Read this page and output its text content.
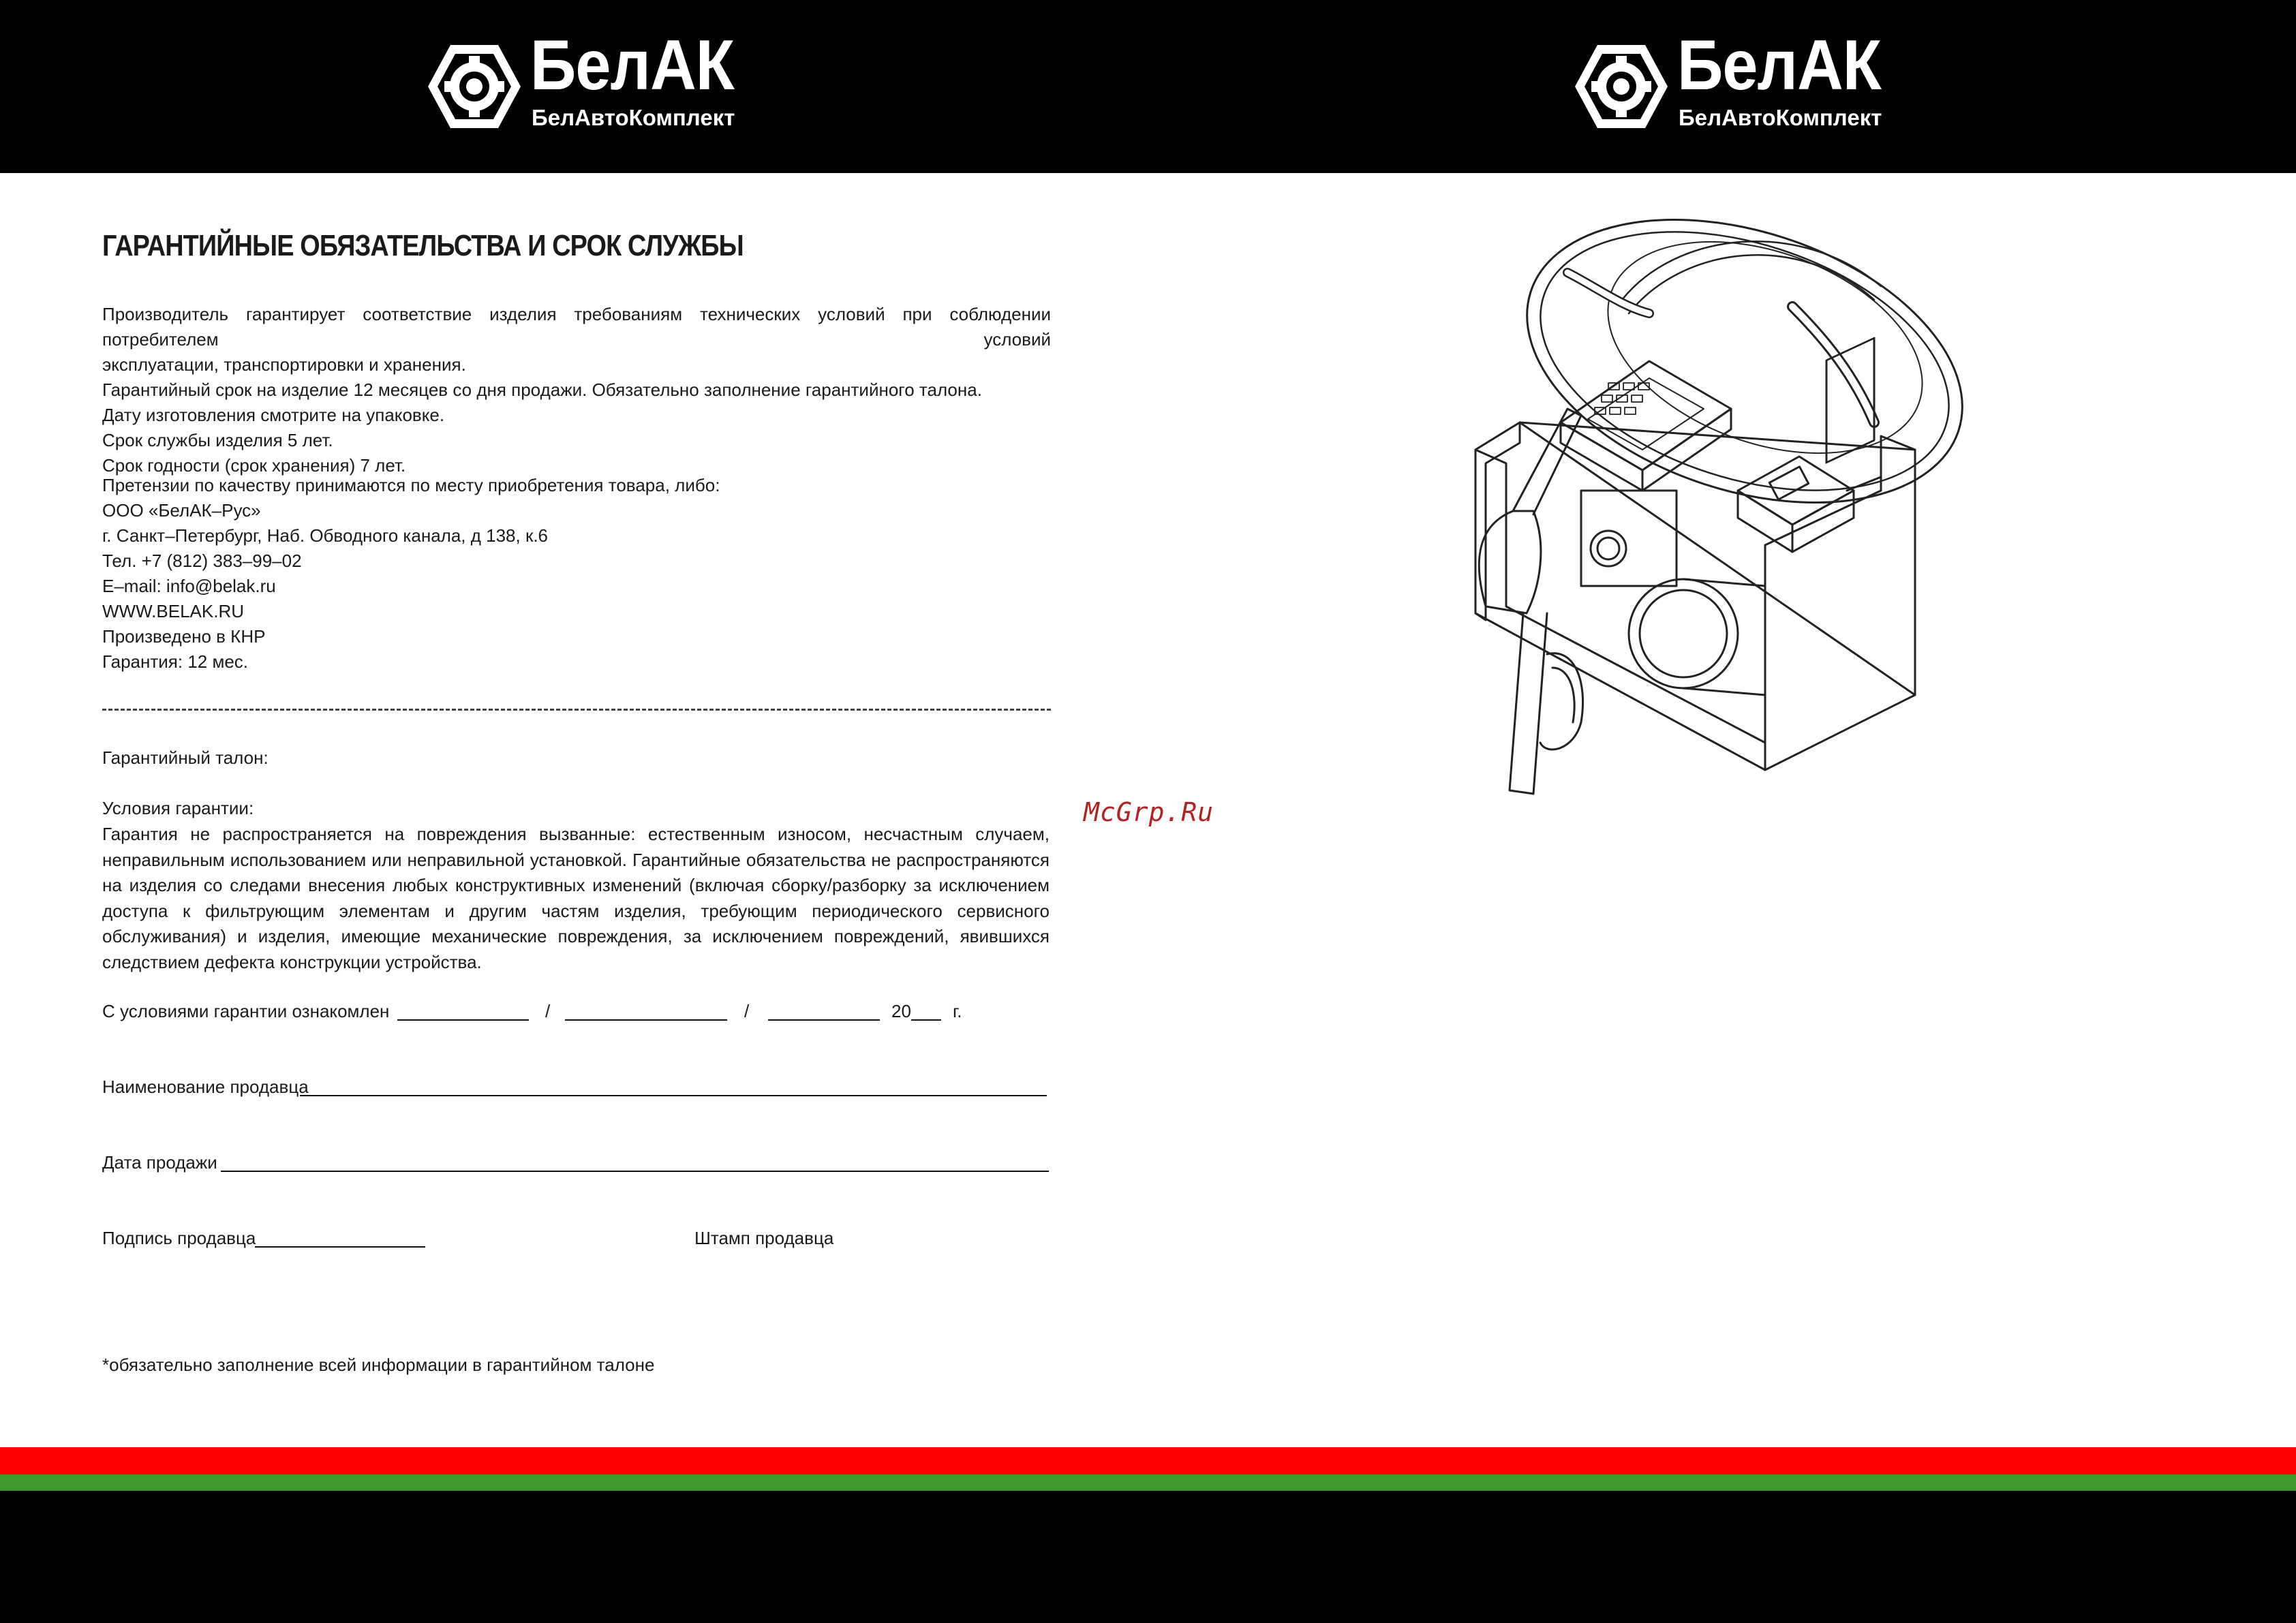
БелАК
БелАвтоКомплект
БелАК
БелАвтоКомплект
ГАРАНТИЙНЫЕ ОБЯЗАТЕЛЬСТВА И СРОК СЛУЖБЫ
Производитель гарантирует соответствие изделия требованиям технических условий при соблюдении потребителем условий
эксплуатации, транспортировки и хранения.
Гарантийный срок на изделие 12 месяцев со дня продажи. Обязательно заполнение гарантийного талона.
Дату изготовления смотрите на упаковке.
Срок службы изделия 5 лет.
Срок годности (срок хранения) 7 лет.
Претензии по качеству принимаются по месту приобретения товара, либо:
ООО «БелАК–Рус»
г. Санкт–Петербург, Наб. Обводного канала, д 138, к.6
Тел. +7 (812) 383–99–02
E–mail: info@belak.ru
WWW.BELAK.RU
Произведено в КНР
Гарантия: 12 мес.
Гарантийный талон:
Условия гарантии:
Гарантия не распространяется на повреждения вызванные: естественным износом, несчастным случаем, неправильным использованием или неправильной установкой. Гарантийные обязательства не распространяются на изделия со следами внесения любых конструктивных изменений (включая сборку/разборку за исключением доступа к фильтрующим элементам и другим частям изделия, требующим периодического сервисного обслуживания) и изделия, имеющие механические повреждения, за исключением повреждений, явившихся следствием дефекта конструкции устройства.
С условиями гарантии ознакомлен	/	/	20 г.
Наименование продавца
Дата продажи
Подпись продавца	Штамп продавца
*обязательно заполнение всей информации в гарантийном талоне
McGrp.Ru
